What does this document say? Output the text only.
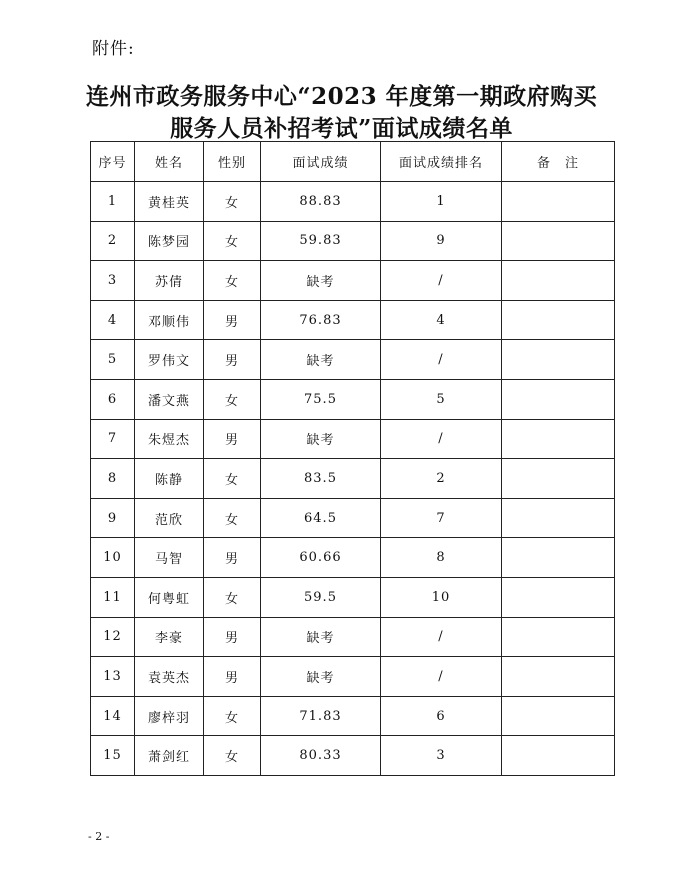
附件:
连州市政务服务中心“2023 年度第一期政府购买
服务人员补招考试”面试成绩名单
序号	姓名	性别	面试成绩	面试成绩排名	备　注
1	黄桂英	女	88.83	1	
2	陈梦园	女	59.83	9	
3	苏倩	女	缺考	/	
4	邓顺伟	男	76.83	4	
5	罗伟文	男	缺考	/	
6	潘文燕	女	75.5	5	
7	朱煜杰	男	缺考	/	
8	陈静	女	83.5	2	
9	范欣	女	64.5	7	
10	马智	男	60.66	8	
11	何粤虹	女	59.5	10	
12	李豪	男	缺考	/	
13	袁英杰	男	缺考	/	
14	廖梓羽	女	71.83	6	
15	萧剑红	女	80.33	3	
- 2 -
